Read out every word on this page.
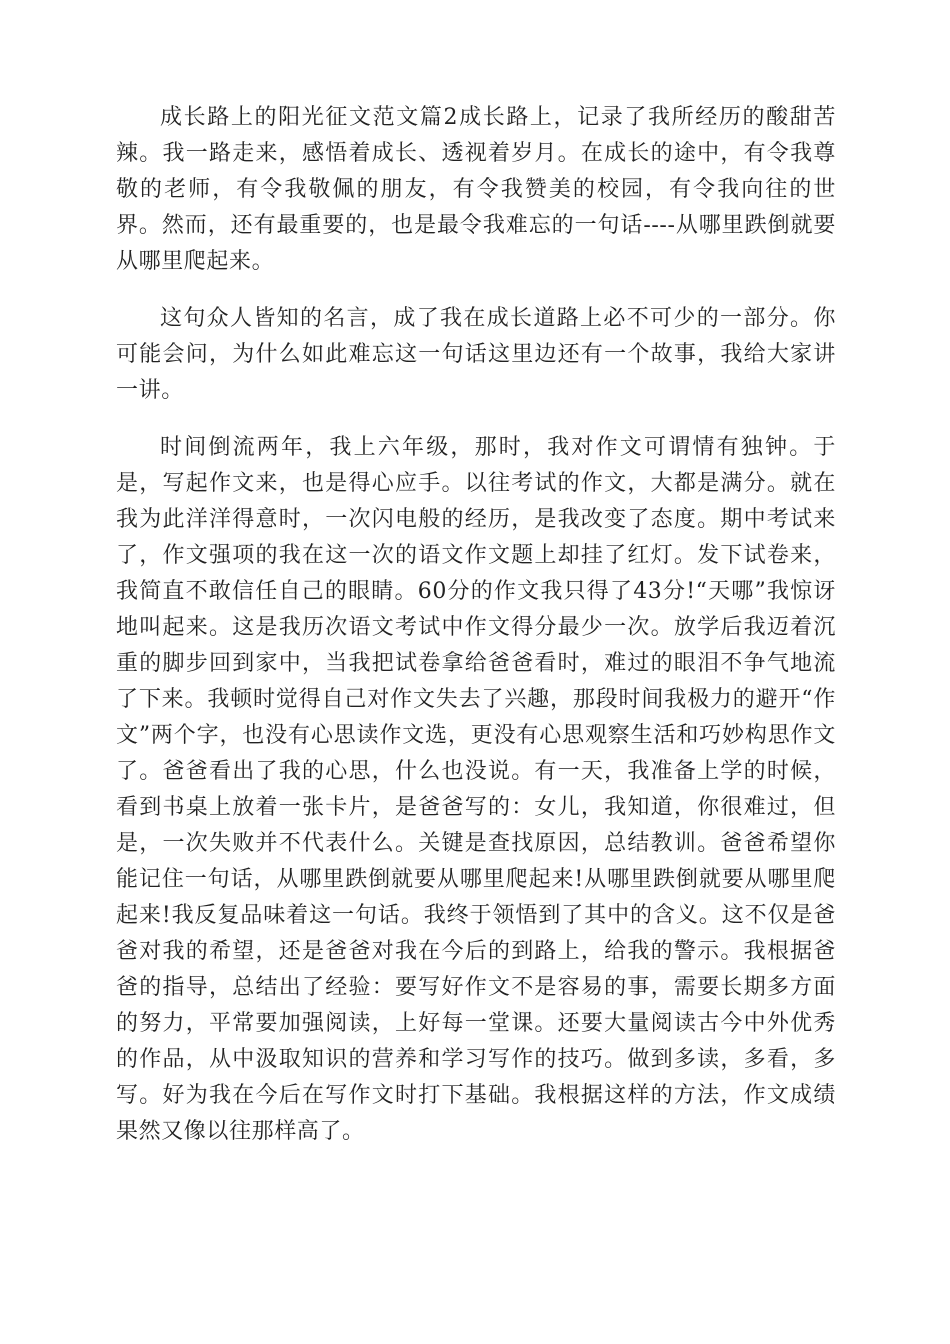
成长路上的阳光征文范文篇2成长路上，记录了我所经历的酸甜苦辣。我一路走来，感悟着成长、透视着岁月。在成长的途中，有令我尊敬的老师，有令我敬佩的朋友，有令我赞美的校园，有令我向往的世界。然而，还有最重要的，也是最令我难忘的一句话----从哪里跌倒就要从哪里爬起来。

这句众人皆知的名言，成了我在成长道路上必不可少的一部分。你可能会问，为什么如此难忘这一句话这里边还有一个故事，我给大家讲一讲。

时间倒流两年，我上六年级，那时，我对作文可谓情有独钟。于是，写起作文来，也是得心应手。以往考试的作文，大都是满分。就在我为此洋洋得意时，一次闪电般的经历，是我改变了态度。期中考试来了，作文强项的我在这一次的语文作文题上却挂了红灯。发下试卷来，我简直不敢信任自己的眼睛。60分的作文我只得了43分!“天哪”我惊讶地叫起来。这是我历次语文考试中作文得分最少一次。放学后我迈着沉重的脚步回到家中，当我把试卷拿给爸爸看时，难过的眼泪不争气地流了下来。我顿时觉得自己对作文失去了兴趣，那段时间我极力的避开“作文”两个字，也没有心思读作文选，更没有心思观察生活和巧妙构思作文了。爸爸看出了我的心思，什么也没说。有一天，我准备上学的时候，看到书桌上放着一张卡片，是爸爸写的：女儿，我知道，你很难过，但是，一次失败并不代表什么。关键是查找原因，总结教训。爸爸希望你能记住一句话，从哪里跌倒就要从哪里爬起来!从哪里跌倒就要从哪里爬起来!我反复品味着这一句话。我终于领悟到了其中的含义。这不仅是爸爸对我的希望，还是爸爸对我在今后的到路上，给我的警示。我根据爸爸的指导，总结出了经验：要写好作文不是容易的事，需要长期多方面的努力，平常要加强阅读，上好每一堂课。还要大量阅读古今中外优秀的作品，从中汲取知识的营养和学习写作的技巧。做到多读，多看，多写。好为我在今后在写作文时打下基础。我根据这样的方法，作文成绩果然又像以往那样高了。
